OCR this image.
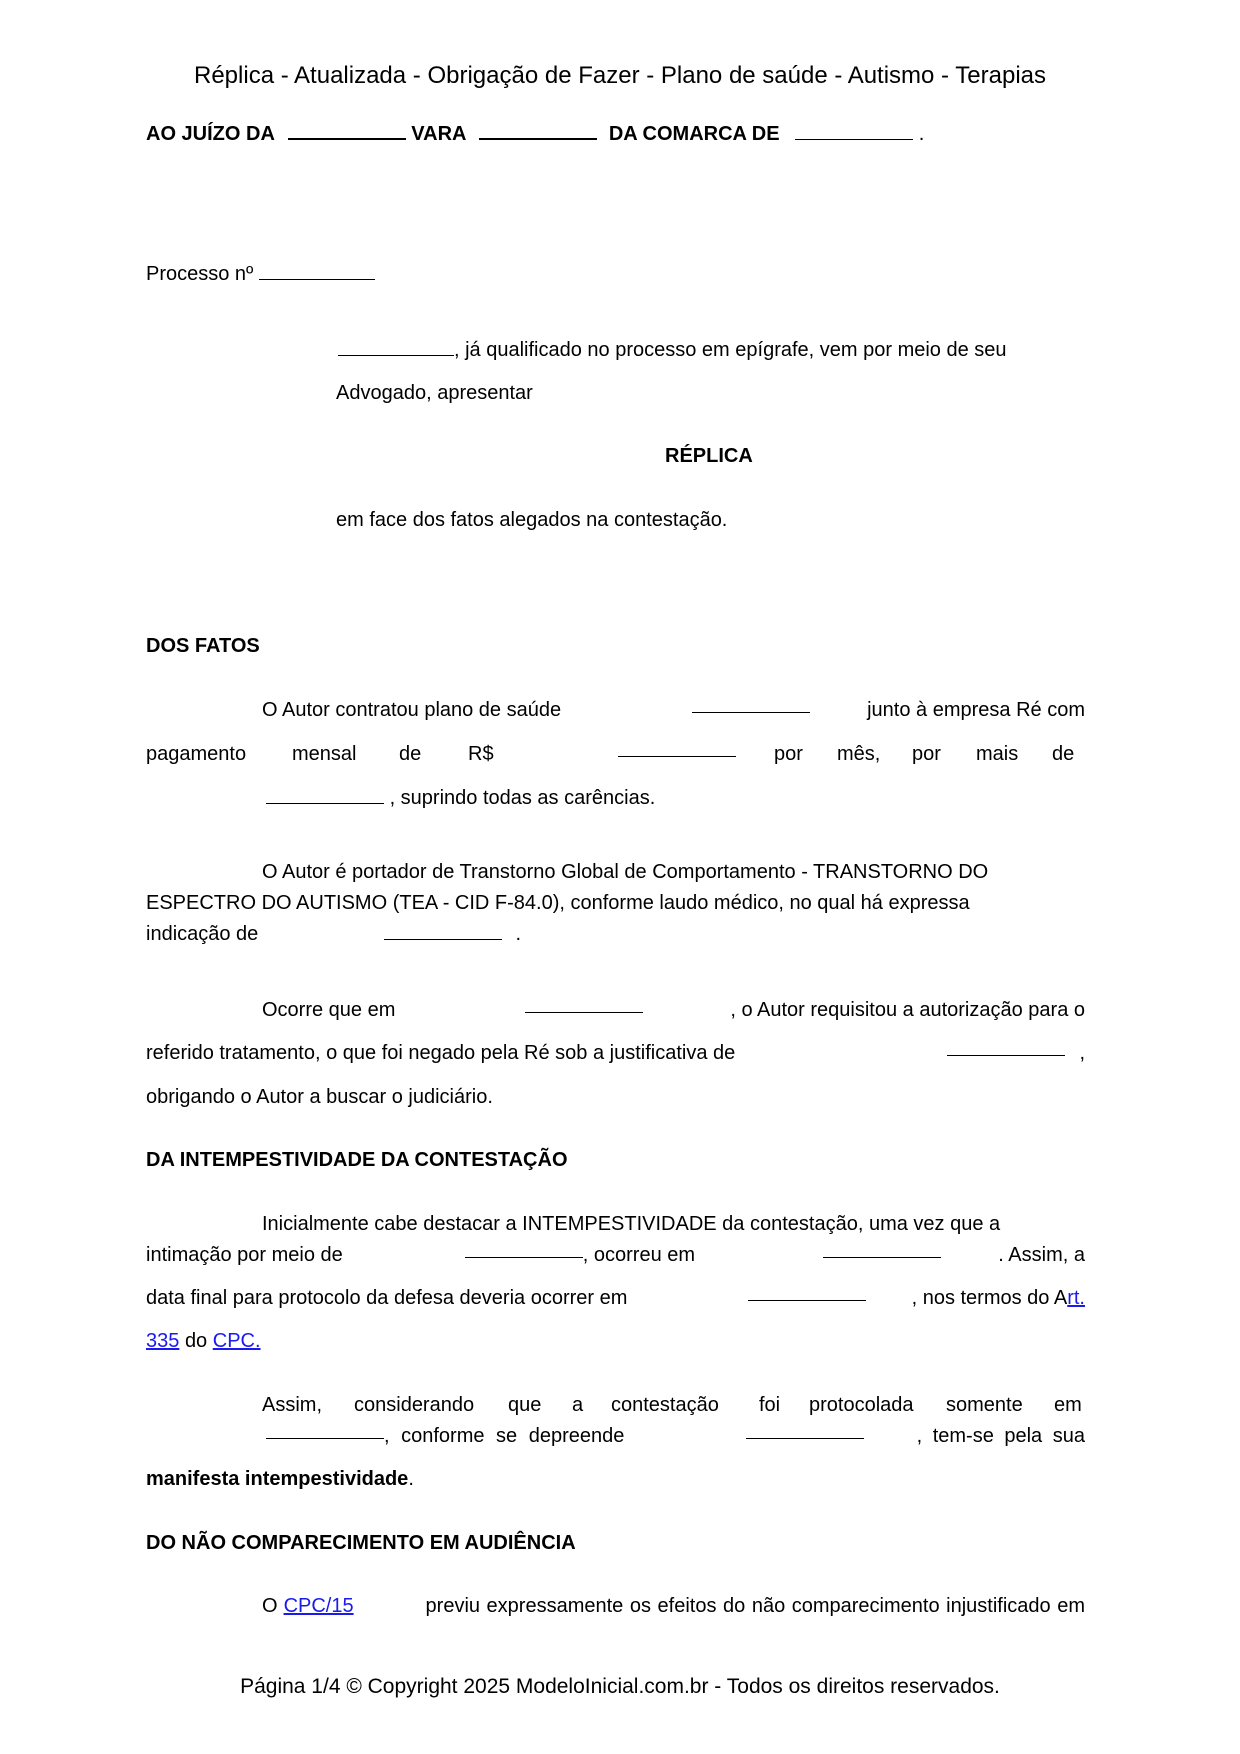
Réplica - Atualizada - Obrigação de Fazer - Plano de saúde - Autismo - Terapias
AO JUÍZO DA	VARA	DA COMARCA DE	.
Processo nº
, já qualificado no processo em epígrafe, vem por meio de seu
Advogado, apresentar
RÉPLICA
em face dos fatos alegados na contestação.
DOS FATOS
O Autor contratou plano de saúde	junto à empresa Ré com
pagamento mensal de R$	por mês, por mais de
, suprindo todas as carências.
O Autor é portador de Transtorno Global de Comportamento - TRANSTORNO DO
ESPECTRO DO AUTISMO (TEA - CID F-84.0), conforme laudo médico, no qual há expressa
indicação de	.
Ocorre que em	, o Autor requisitou a autorização para o
referido tratamento, o que foi negado pela Ré sob a justificativa de	,
obrigando o Autor a buscar o judiciário.
DA INTEMPESTIVIDADE DA CONTESTAÇÃO
Inicialmente cabe destacar a INTEMPESTIVIDADE da contestação, uma vez que a
intimação por meio de	, ocorreu em	. Assim, a
data final para protocolo da defesa deveria ocorrer em	, nos termos do A rt.
335 do CPC.
Assim, considerando que a contestação foi protocolada somente em
, conforme se depreende	, tem-se pela sua
manifesta intempestividade.
DO NÃO COMPARECIMENTO EM AUDIÊNCIA
O CPC/15	previu expressamente os efeitos do não comparecimento injustificado em
Página 1/4 © Copyright 2025 ModeloInicial.com.br - Todos os direitos reservados.
